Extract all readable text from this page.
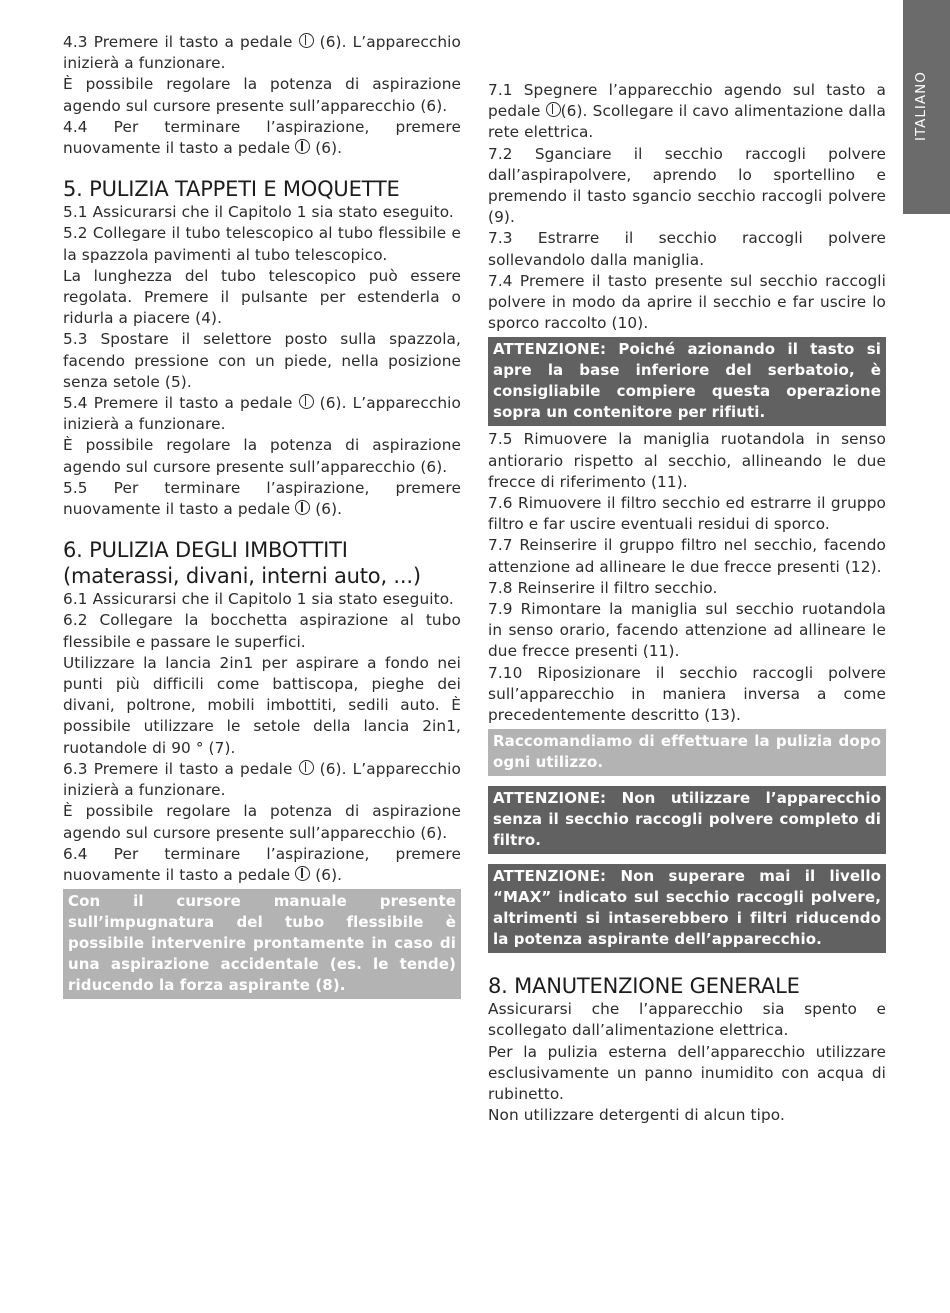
ITALIANO

4.3 Premere il tasto a pedale (6). L’apparecchio inizierà a funzionare.

È possibile regolare la potenza di aspirazione agendo sul cursore presente sull’apparecchio (6).

4.4 Per terminare l’aspirazione, premere nuovamente il tasto a pedale (6).

5. PULIZIA TAPPETI E MOQUETTE

5.1 Assicurarsi che il Capitolo 1 sia stato eseguito.

5.2 Collegare il tubo telescopico al tubo flessibile e la spazzola pavimenti al tubo telescopico.

La lunghezza del tubo telescopico può essere regolata. Premere il pulsante per estenderla o ridurla a piacere (4).

5.3 Spostare il selettore posto sulla spazzola, facendo pressione con un piede, nella posizione senza setole (5).

5.4 Premere il tasto a pedale (6). L’apparecchio inizierà a funzionare.

È possibile regolare la potenza di aspirazione agendo sul cursore presente sull’apparecchio (6).

5.5 Per terminare l’aspirazione, premere nuovamente il tasto a pedale (6).

6. PULIZIA DEGLI IMBOTTITI
(materassi, divani, interni auto, ...)

6.1 Assicurarsi che il Capitolo 1 sia stato eseguito.

6.2 Collegare la bocchetta aspirazione al tubo flessibile e passare le superfici.

Utilizzare la lancia 2in1 per aspirare a fondo nei punti più difficili come battiscopa, pieghe dei divani, poltrone, mobili imbottiti, sedili auto. È possibile utilizzare le setole della lancia 2in1, ruotandole di 90 ° (7).

6.3 Premere il tasto a pedale (6). L’apparecchio inizierà a funzionare.

È possibile regolare la potenza di aspirazione agendo sul cursore presente sull’apparecchio (6).

6.4 Per terminare l’aspirazione, premere nuovamente il tasto a pedale (6).

Con il cursore manuale presente sull’impugnatura del tubo flessibile è possibile intervenire prontamente in caso di una aspirazione accidentale (es. le tende) riducendo la forza aspirante (8).

7.1 Spegnere l’apparecchio agendo sul tasto a pedale (6). Scollegare il cavo alimentazione dalla rete elettrica.

7.2 Sganciare il secchio raccogli polvere dall’aspirapolvere, aprendo lo sportellino e premendo il tasto sgancio secchio raccogli polvere (9).

7.3 Estrarre il secchio raccogli polvere sollevandolo dalla maniglia.

7.4 Premere il tasto presente sul secchio raccogli polvere in modo da aprire il secchio e far uscire lo sporco raccolto (10).

ATTENZIONE: Poiché azionando il tasto si apre la base inferiore del serbatoio, è consigliabile compiere questa operazione sopra un contenitore per rifiuti.

7.5 Rimuovere la maniglia ruotandola in senso antiorario rispetto al secchio, allineando le due frecce di riferimento (11).

7.6 Rimuovere il filtro secchio ed estrarre il gruppo filtro e far uscire eventuali residui di sporco.

7.7 Reinserire il gruppo filtro nel secchio, facendo attenzione ad allineare le due frecce presenti (12).

7.8 Reinserire il filtro secchio.

7.9 Rimontare la maniglia sul secchio ruotandola in senso orario, facendo attenzione ad allineare le due frecce presenti (11).

7.10 Riposizionare il secchio raccogli polvere sull’apparecchio in maniera inversa a come precedentemente descritto (13).

Raccomandiamo di effettuare la pulizia dopo ogni utilizzo.
ATTENZIONE: Non utilizzare l’apparecchio senza il secchio raccogli polvere completo di filtro.
ATTENZIONE: Non superare mai il livello “MAX” indicato sul secchio raccogli polvere, altrimenti si intaserebbero i filtri riducendo la potenza aspirante dell’apparecchio.
8. MANUTENZIONE GENERALE

Assicurarsi che l’apparecchio sia spento e scollegato dall’alimentazione elettrica.

Per la pulizia esterna dell’apparecchio utilizzare esclusivamente un panno inumidito con acqua di rubinetto.

Non utilizzare detergenti di alcun tipo.
